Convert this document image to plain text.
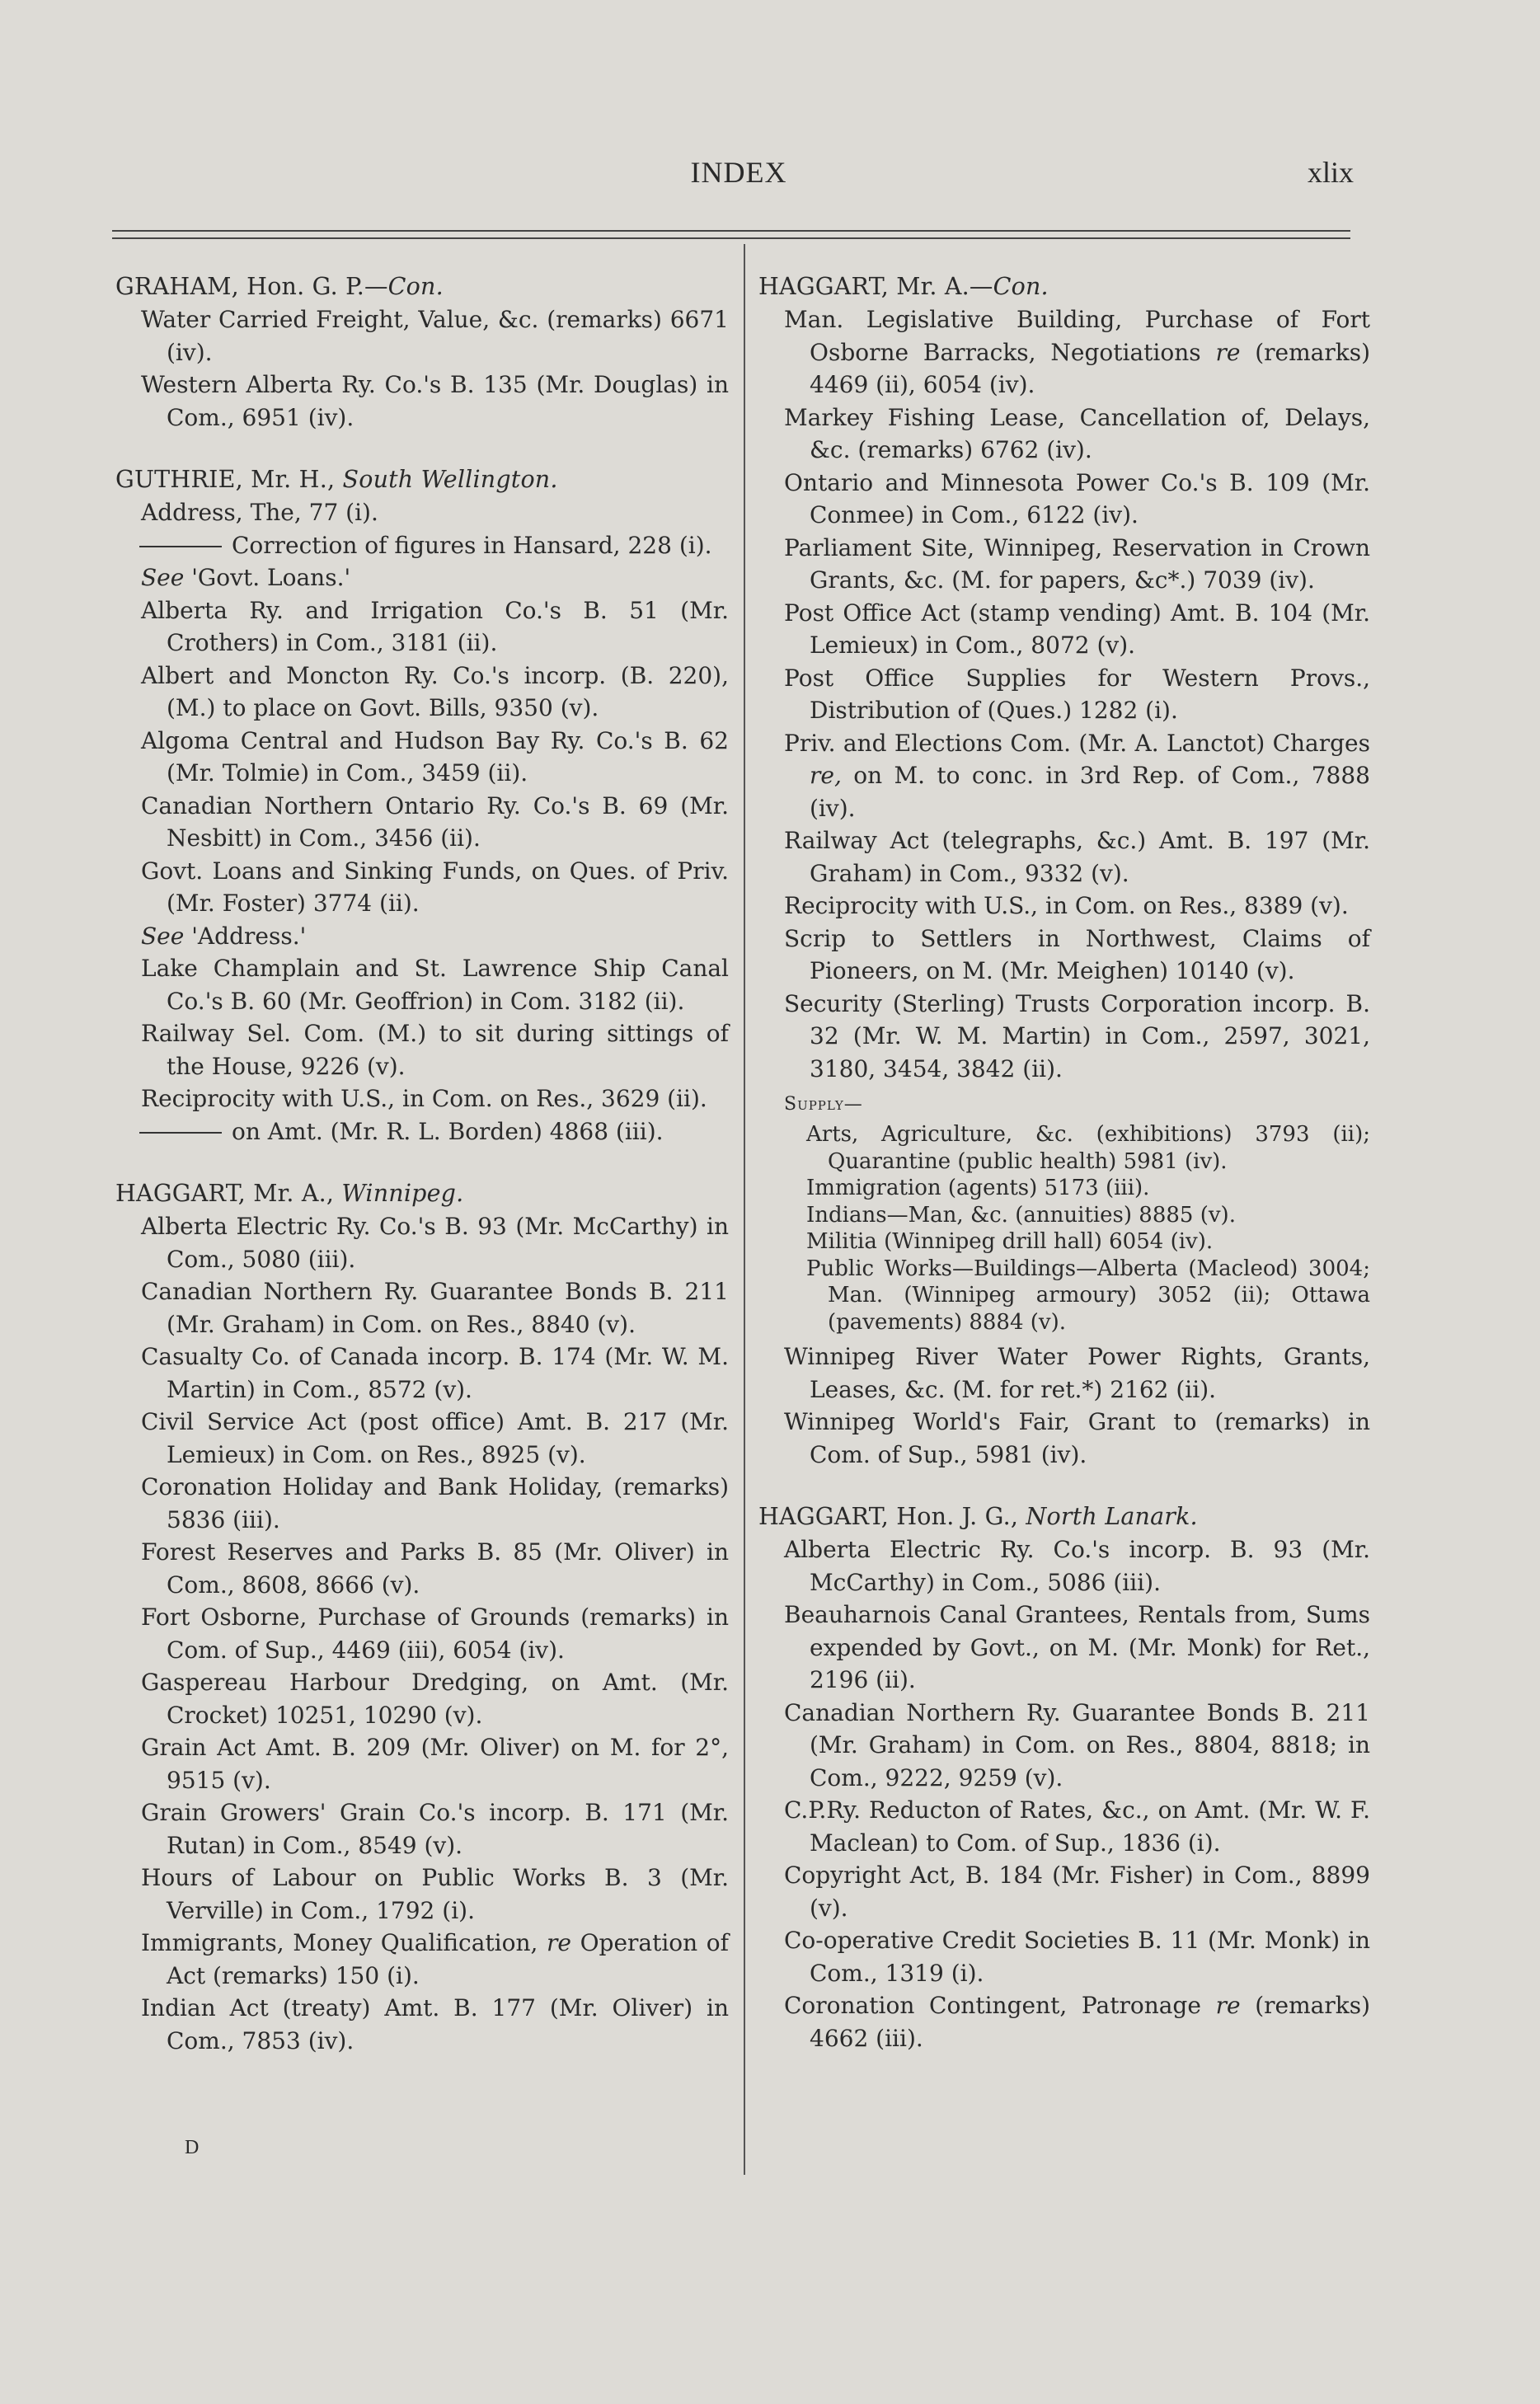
INDEX	xlix

GRAHAM, Hon. G. P.—Con.

Water Carried Freight, Value, &c. (remarks) 6671 (iv).

Western Alberta Ry. Co.'s B. 135 (Mr. Douglas) in Com., 6951 (iv).

GUTHRIE, Mr. H., South Wellington.

Address, The, 77 (i).

Correction of figures in Hansard, 228 (i).

See 'Govt. Loans.'

Alberta Ry. and Irrigation Co.'s B. 51 (Mr. Crothers) in Com., 3181 (ii).

Albert and Moncton Ry. Co.'s incorp. (B. 220), (M.) to place on Govt. Bills, 9350 (v).

Algoma Central and Hudson Bay Ry. Co.'s B. 62 (Mr. Tolmie) in Com., 3459 (ii).

Canadian Northern Ontario Ry. Co.'s B. 69 (Mr. Nesbitt) in Com., 3456 (ii).

Govt. Loans and Sinking Funds, on Ques. of Priv. (Mr. Foster) 3774 (ii).

See 'Address.'

Lake Champlain and St. Lawrence Ship Canal Co.'s B. 60 (Mr. Geoffrion) in Com. 3182 (ii).

Railway Sel. Com. (M.) to sit during sittings of the House, 9226 (v).

Reciprocity with U.S., in Com. on Res., 3629 (ii).

on Amt. (Mr. R. L. Borden) 4868 (iii).

HAGGART, Mr. A., Winnipeg.

Alberta Electric Ry. Co.'s B. 93 (Mr. McCarthy) in Com., 5080 (iii).

Canadian Northern Ry. Guarantee Bonds B. 211 (Mr. Graham) in Com. on Res., 8840 (v).

Casualty Co. of Canada incorp. B. 174 (Mr. W. M. Martin) in Com., 8572 (v).

Civil Service Act (post office) Amt. B. 217 (Mr. Lemieux) in Com. on Res., 8925 (v).

Coronation Holiday and Bank Holiday, (remarks) 5836 (iii).

Forest Reserves and Parks B. 85 (Mr. Oliver) in Com., 8608, 8666 (v).

Fort Osborne, Purchase of Grounds (remarks) in Com. of Sup., 4469 (iii), 6054 (iv).

Gaspereau Harbour Dredging, on Amt. (Mr. Crocket) 10251, 10290 (v).

Grain Act Amt. B. 209 (Mr. Oliver) on M. for 2°, 9515 (v).

Grain Growers' Grain Co.'s incorp. B. 171 (Mr. Rutan) in Com., 8549 (v).

Hours of Labour on Public Works B. 3 (Mr. Verville) in Com., 1792 (i).

Immigrants, Money Qualification, re Operation of Act (remarks) 150 (i).

Indian Act (treaty) Amt. B. 177 (Mr. Oliver) in Com., 7853 (iv).

HAGGART, Mr. A.—Con.

Man. Legislative Building, Purchase of Fort Osborne Barracks, Negotiations re (remarks) 4469 (ii), 6054 (iv).

Markey Fishing Lease, Cancellation of, Delays, &c. (remarks) 6762 (iv).

Ontario and Minnesota Power Co.'s B. 109 (Mr. Conmee) in Com., 6122 (iv).

Parliament Site, Winnipeg, Reservation in Crown Grants, &c. (M. for papers, &c*.) 7039 (iv).

Post Office Act (stamp vending) Amt. B. 104 (Mr. Lemieux) in Com., 8072 (v).

Post Office Supplies for Western Provs., Distribution of (Ques.) 1282 (i).

Priv. and Elections Com. (Mr. A. Lanctot) Charges re, on M. to conc. in 3rd Rep. of Com., 7888 (iv).

Railway Act (telegraphs, &c.) Amt. B. 197 (Mr. Graham) in Com., 9332 (v).

Reciprocity with U.S., in Com. on Res., 8389 (v).

Scrip to Settlers in Northwest, Claims of Pioneers, on M. (Mr. Meighen) 10140 (v).

Security (Sterling) Trusts Corporation incorp. B. 32 (Mr. W. M. Martin) in Com., 2597, 3021, 3180, 3454, 3842 (ii).

Supply—

Arts, Agriculture, &c. (exhibitions) 3793 (ii); Quarantine (public health) 5981 (iv).

Immigration (agents) 5173 (iii).

Indians—Man, &c. (annuities) 8885 (v).

Militia (Winnipeg drill hall) 6054 (iv).

Public Works—Buildings—Alberta (Macleod) 3004; Man. (Winnipeg armoury) 3052 (ii); Ottawa (pavements) 8884 (v).

Winnipeg River Water Power Rights, Grants, Leases, &c. (M. for ret.*) 2162 (ii).

Winnipeg World's Fair, Grant to (remarks) in Com. of Sup., 5981 (iv).

HAGGART, Hon. J. G., North Lanark.

Alberta Electric Ry. Co.'s incorp. B. 93 (Mr. McCarthy) in Com., 5086 (iii).

Beauharnois Canal Grantees, Rentals from, Sums expended by Govt., on M. (Mr. Monk) for Ret., 2196 (ii).

Canadian Northern Ry. Guarantee Bonds B. 211 (Mr. Graham) in Com. on Res., 8804, 8818; in Com., 9222, 9259 (v).

C.P.Ry. Reducton of Rates, &c., on Amt. (Mr. W. F. Maclean) to Com. of Sup., 1836 (i).

Copyright Act, B. 184 (Mr. Fisher) in Com., 8899 (v).

Co-operative Credit Societies B. 11 (Mr. Monk) in Com., 1319 (i).

Coronation Contingent, Patronage re (remarks) 4662 (iii).

D
